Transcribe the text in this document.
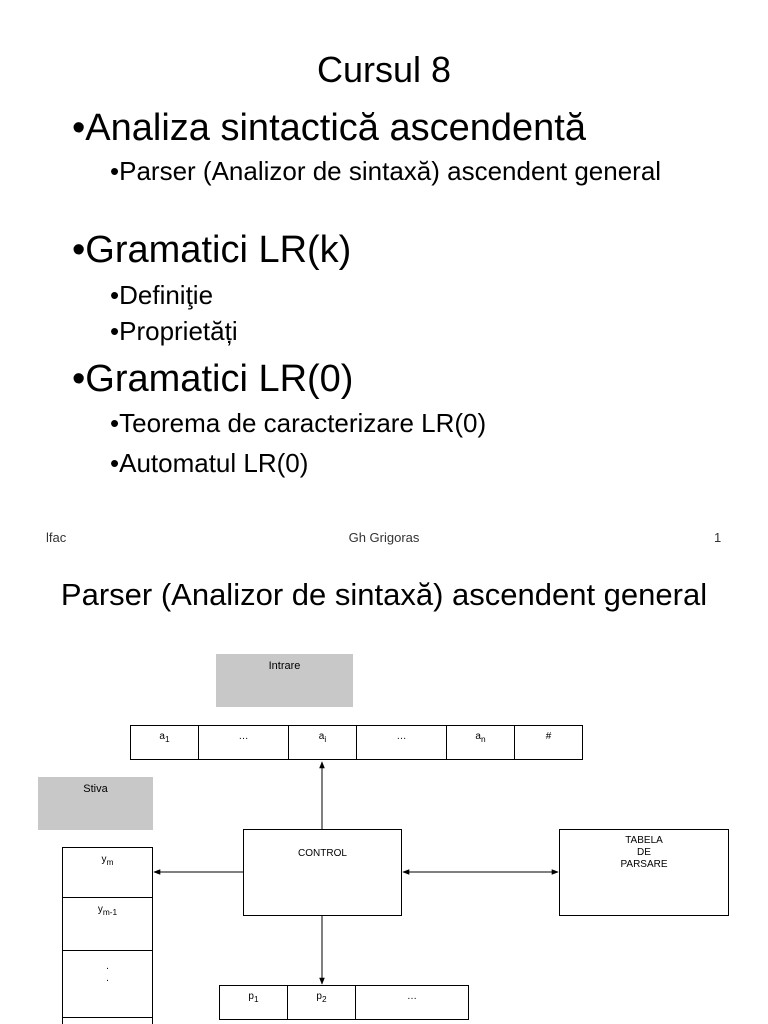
Cursul 8
•Analiza sintactică ascendentă
•Parser (Analizor de sintaxă) ascendent general
•Gramatici LR(k)
•Definiţie
•Proprietăți
•Gramatici LR(0)
•Teorema de caracterizare LR(0)
•Automatul LR(0)
lfac	Gh Grigoras	1
Parser (Analizor de sintaxă) ascendent general
Intrare
$a_1$	…	$a_i$	…	$a_n$	#
Stiva
$y_m$
$y_{m-1}$
.
.
CONTROL
TABELA
DE
PARSARE
$p_1$	$p_2$	…
